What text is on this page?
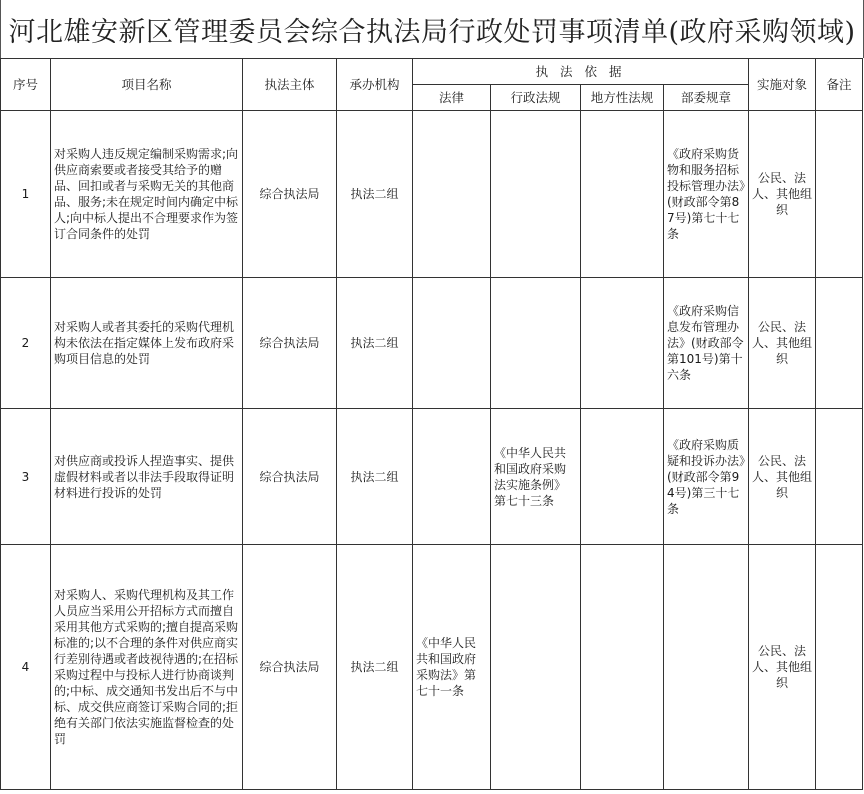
河北雄安新区管理委员会综合执法局行政处罚事项清单(政府采购领域)
序号	项目名称	执法主体	承办机构	执 法 依 据				实施对象	备注
				法律	行政法规	地方性法规	部委规章		
1	对采购人违反规定编制采购需求;向供应商索要或者接受其给予的赠品、回扣或者与采购无关的其他商品、服务;未在规定时间内确定中标人;向中标人提出不合理要求作为签订合同条件的处罚	综合执法局	执法二组				《政府采购货物和服务招标投标管理办法》(财政部令第87号)第七十七条	公民、法人、其他组织	
2	对采购人或者其委托的采购代理机构未依法在指定媒体上发布政府采购项目信息的处罚	综合执法局	执法二组				《政府采购信息发布管理办法》(财政部令第101号)第十六条	公民、法人、其他组织	
3	对供应商或投诉人捏造事实、提供虚假材料或者以非法手段取得证明材料进行投诉的处罚	综合执法局	执法二组		《中华人民共和国政府采购法实施条例》第七十三条		《政府采购质疑和投诉办法》(财政部令第94号)第三十七条	公民、法人、其他组织	
4	对采购人、采购代理机构及其工作人员应当采用公开招标方式而擅自采用其他方式采购的;擅自提高采购标准的;以不合理的条件对供应商实行差别待遇或者歧视待遇的;在招标采购过程中与投标人进行协商谈判的;中标、成交通知书发出后不与中标、成交供应商签订采购合同的;拒绝有关部门依法实施监督检查的处罚	综合执法局	执法二组	《中华人民共和国政府采购法》第七十一条				公民、法人、其他组织	
